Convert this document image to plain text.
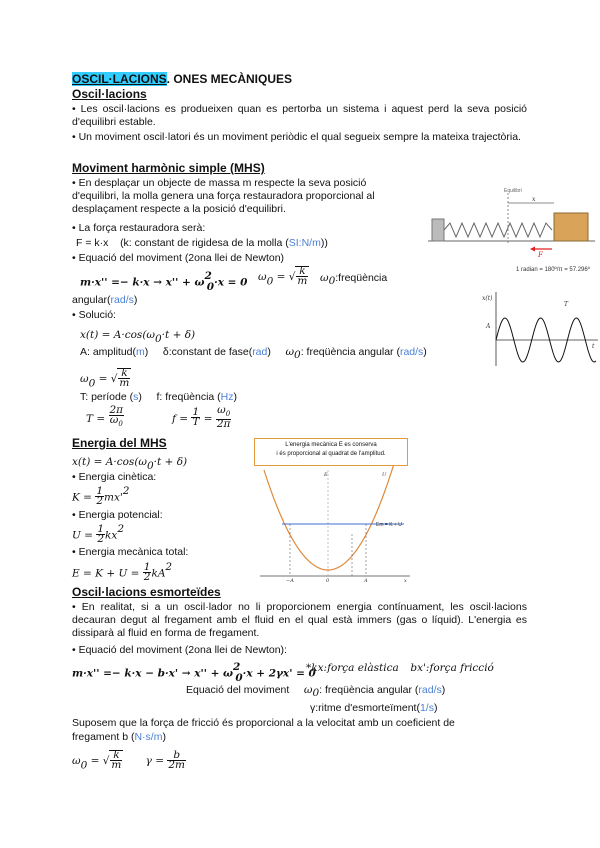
OSCIL·LACIONS. ONES MECÀNIQUES
Oscil·lacions
• Les oscil·lacions es produeixen quan es pertorba un sistema i aquest perd la seva posició d'equilibri estable.
• Un moviment oscil·latori és un moviment periòdic el qual segueix sempre la mateixa trajectòria.
Moviment harmònic simple (MHS)
• En desplaçar un objecte de massa m respecte la seva posició d'equilibri, la molla genera una força restauradora proporcional al desplaçament respecte a la posició d'equilibri.
• La força restauradora serà:
F = k·x (k: constant de rigidesa de la molla (SI:N/m))
• Equació del moviment (2ona llei de Newton)
$m\cdot x'' =- k\cdot x \to x'' + \omega^2_0\cdot x = 0$ $\omega_0$ = √ $\frac{k}{m}$ $\omega_0:freqüència$
angular(rad/s)
• Solució:
$x(t) = A\cdot\cos(\omega_0\cdot t + \delta)$
A: amplitud(m) δ:constant de fase(rad) $\omega_0$: freqüència angular (rad/s)
$\omega_0$ = √ $\frac{k}{m}$
T: període (s) f: freqüència (Hz)
$T = \frac{2\pi}{\omega_0}$	$f = \frac{1}{T} = \frac{\omega_0}{2\pi}$
Equilibri
x
F
1 radian = 180º/π = 57.296º
x(t)
A
T
t
Energia del MHS
$x(t) = A\cdot\cos(\omega_0\cdot t + \delta)$
• Energia cinètica:
$K = \frac{1}{2} mx'^2$
• Energia potencial:
$U = \frac{1}{2} kx^2$
• Energia mecànica total:
$E = K + U = \frac{1}{2} kA^2$
L'energia mecànica E es conserva
i és proporcional al quadrat de l'amplitud.
U
E
Em = K + U
−A	0	A	x
Oscil·lacions esmorteïdes
• En realitat, si a un oscil·lador no li proporcionem energia contínuament, les oscil·lacions decauran degut al fregament amb el fluid en el qual està immers (gas o líquid). L'energia es dissiparà al fluid en forma de fregament.
• Equació del moviment (2ona llei de Newton):
$m\cdot x'' =- k\cdot x - b\cdot x' \to x'' + \omega^2_0\cdot x + 2\gamma x' = 0$
*kx:força elàstica bx':força fricció
Equació del moviment $\omega_0$: freqüència angular (rad/s)
γ:ritme d'esmorteïment(1/s)
Suposem que la força de fricció és proporcional a la velocitat amb un coeficient de
fregament b (N·s/m)
$\omega_0$ = √ $\frac{k}{m}$ $\gamma = \frac{b}{2m}$
